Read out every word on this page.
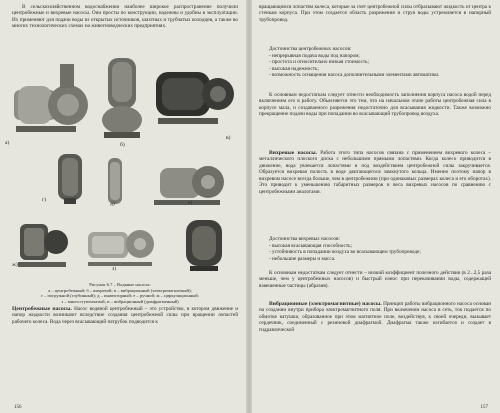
В сельскохозяйственном водоснабжении наиболее широкое распространение получили центробежные и вихревые насосы. Они просты по конструкции, надежны и удобны в эксплуатации. Их применяют для подачи воды из открытых источников, шахтных и трубчатых колодцев, а также во многих технологических схемах на животноводческих предприятиях.
а)	б)
в)
г)
д)	е)
ж)
з)
Рисунок 6.7 – Водяные насосы:
а – центробежный; б – вихревой; в – вибрационный (электромагнитный);
г – погружной (глубинный); д – инжекторный; е – ручной; ж – циркуляционный;
з – многоступенчатый; и – вибрационный (диафрагменный)
Центробежные насосы. Насос водяной центробежный – это устройство, в котором движение и напор жидкости возникают вследствие создания центробежной силы при вращении лопастей рабочего колеса. Вода через всасывающий патрубок подводится к
156
вращающимся лопастям колеса, которые за счет центробежной силы отбрасывают жидкость от центра к стенкам корпуса. При этом создается область разрежения и струя воды устремляется в напорный трубопровод.
Достоинства центробежных насосов:
- непрерывная подача воды под напором;
- простота и относительно низкая стоимость;
- высокая надежность;
- возможность оснащения насоса дополнительными элементами автоматики.
К основным недостаткам следует отнести необходимость заполнения корпуса насоса водой перед включением его в работу. Объясняется это тем, что на начальном этапе работы центробежная сила в корпусе мала, и создаваемого разрежения недостаточно для всасывания жидкости. Также возможно прекращение подачи воды при попадании во всасывающий трубопровод воздуха.
Вихревые насосы. Работа этого типа насосов связана с применением вихревого колеса – металлического плоского диска с небольшими прямыми лопастями. Когда колесо приводится в движение, вода увлекается лопастями и под воздействием центробежной силы закручивается. Образуется вихревая полость в воде двигающегося замкнутого кольца. Именно поэтому напор в вихревом насосе всегда больше, чем в центробежном (при одинаковых размерах колеса и его оборотах). Это приводит к уменьшению габаритных размеров и веса вихревых насосов по сравнению с центробежными аналогами.
Достоинства вихревых насосов:
- высокая всасывающая способность;
- устойчивость в попадании воздуха во всасывающем трубопроводе;
- небольшие размеры и масса.
К основным недостаткам следует отнести – низкий коэффициент полезного действия (в 2...2,5 раза меньше, чем у центробежных насосов) и быстрый износ при перекачивании воды, содержащей взвешенные частицы (абразив).
Вибрационные (электромагнитные) насосы. Принцип работы вибрационного насоса основан на создании внутри прибора электромагнитного поля. При включении насоса в сеть, ток подается по обмотке катушки, образованное при этом магнитное поле, воздействуя, к своей очереди, вызывает сердечник, соединенный с резиновой диафрагмой. Диафрагма также изгибается и создает в гидравлической
157
